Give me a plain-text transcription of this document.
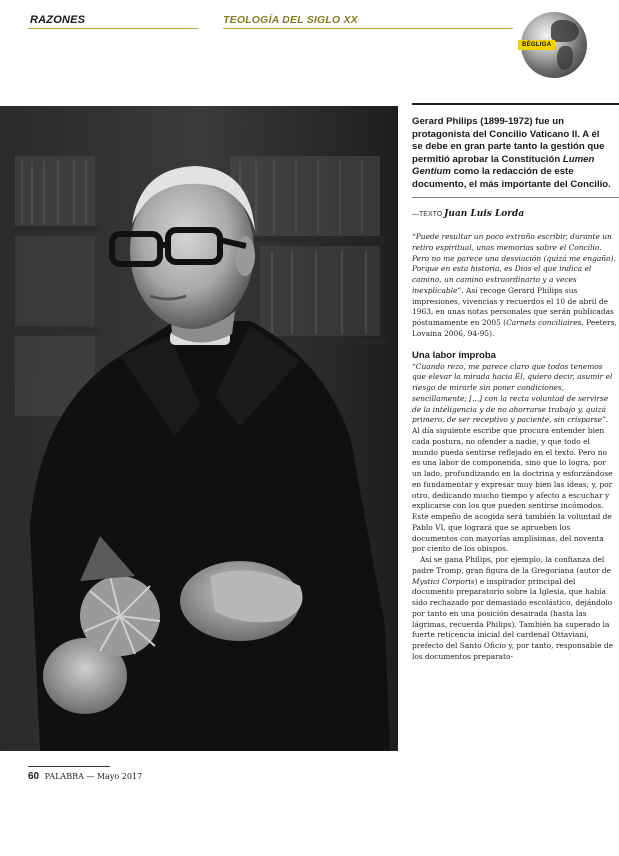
RAZONES	TEOLOGÍA DEL SIGLO XX
BÉGLIGA
El teólogo belga
Gerard Philips.
Gerard Philips (1899-1972) fue un protagonista del Concilio Vaticano II. A él se debe en gran parte tanto la gestión que permitió aprobar la Constitución Lumen Gentium como la redacción de este documento, el más importante del Concilio.
—TEXTO Juan Luis Lorda

“Puede resultar un poco extraño escribir, durante un retiro espiritual, unas memorias sobre el Concilio. Pero no me parece una desviación (quizá me engaño). Porque en esta historia, es Dios el que indica el camino, un camino extraordinario y a veces inexplicable”. Así recoge Gerard Philips sus impresiones, vivencias y recuerdos el 10 de abril de 1963, en unas notas personales que serán publicadas póstumamente en 2005 (Carnets conciliaires, Peeters, Lovaina 2006, 94-95).

Una labor ímproba

“Cuando rezo, me parece claro que todos tenemos que elevar la mirada hacia Él, quiero decir, asumir el riesgo de mirarle sin poner condiciones, sencillamente; [...] con la recta voluntad de servirse de la inteligencia y de no ahorrarse trabajo y, quizá primero, de ser receptivo y paciente, sin crisparse”. Al día siguiente escribe que procura entender bien cada postura, no ofender a nadie, y que todo el mundo pueda sentirse reflejado en el texto. Pero no es una labor de componenda, sino que lo logra, por un lado, profundizando en la doctrina y esforzándose en fundamentar y expresar muy bien las ideas; y, por otro, dedicando mucho tiempo y afecto a escuchar y explicarse con los que pueden sentirse incómodos. Este empeño de acogida será también la voluntad de Pablo VI, que logrará que se aprueben los documentos con mayorías amplísimas, del noventa por ciento de los obispos.

Así se gana Philips, por ejemplo, la confianza del padre Tromp, gran figura de la Gregoriana (autor de Mystici Corporis) e inspirador principal del documento preparatorio sobre la Iglesia, que había sido rechazado por demasiado escolástico, dejándolo por tanto en una posición desairada (hasta las lágrimas, recuerda Philips). También ha superado la fuerte reticencia inicial del cardenal Ottaviani, prefecto del Santo Oficio y, por tanto, responsable de los documentos preparato-

60 PALABRA — Mayo 2017
